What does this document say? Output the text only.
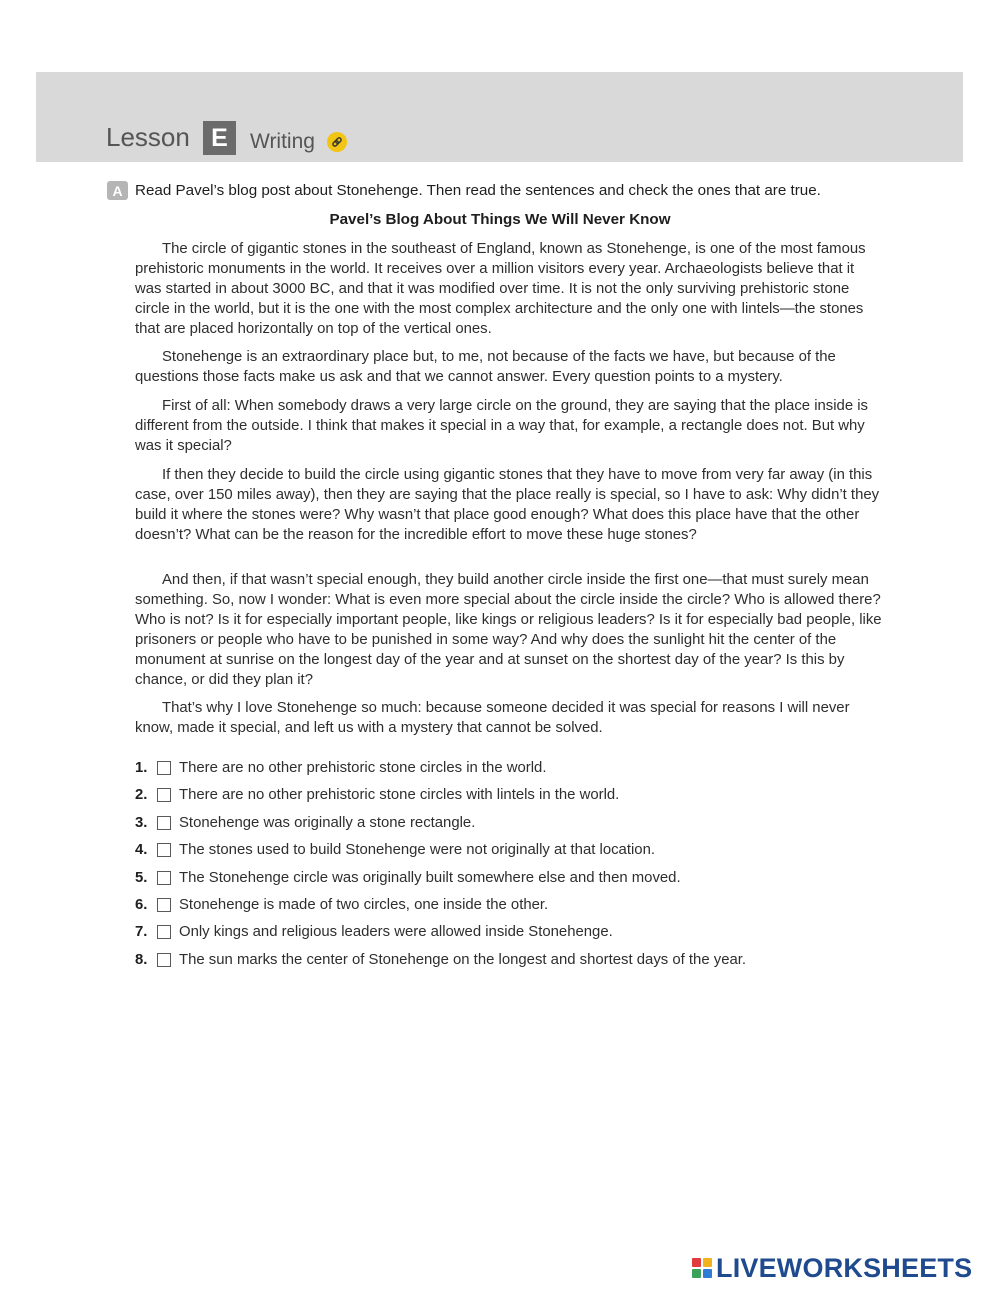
Lesson E	Writing
A Read Pavel’s blog post about Stonehenge. Then read the sentences and check the ones that are true.
Pavel’s Blog About Things We Will Never Know

The circle of gigantic stones in the southeast of England, known as Stonehenge, is one of the most famous prehistoric monuments in the world. It receives over a million visitors every year. Archaeologists believe that it was started in about 3000 BC, and that it was modified over time. It is not the only surviving prehistoric stone circle in the world, but it is the one with the most complex architecture and the only one with lintels—the stones that are placed horizontally on top of the vertical ones.

Stonehenge is an extraordinary place but, to me, not because of the facts we have, but because of the questions those facts make us ask and that we cannot answer. Every question points to a mystery.

First of all: When somebody draws a very large circle on the ground, they are saying that the place inside is different from the outside. I think that makes it special in a way that, for example, a rectangle does not. But why was it special?

If then they decide to build the circle using gigantic stones that they have to move from very far away (in this case, over 150 miles away), then they are saying that the place really is special, so I have to ask: Why didn’t they build it where the stones were? Why wasn’t that place good enough? What does this place have that the other doesn’t? What can be the reason for the incredible effort to move these huge stones?

And then, if that wasn’t special enough, they build another circle inside the first one—that must surely mean something. So, now I wonder: What is even more special about the circle inside the circle? Who is allowed there? Who is not? Is it for especially important people, like kings or religious leaders? Is it for especially bad people, like prisoners or people who have to be punished in some way? And why does the sunlight hit the center of the monument at sunrise on the longest day of the year and at sunset on the shortest day of the year? Is this by chance, or did they plan it?

That’s why I love Stonehenge so much: because someone decided it was special for reasons I will never know, made it special, and left us with a mystery that cannot be solved.

1.	There are no other prehistoric stone circles in the world.
2.	There are no other prehistoric stone circles with lintels in the world.
3.	Stonehenge was originally a stone rectangle.
4.	The stones used to build Stonehenge were not originally at that location.
5.	The Stonehenge circle was originally built somewhere else and then moved.
6.	Stonehenge is made of two circles, one inside the other.
7.	Only kings and religious leaders were allowed inside Stonehenge.
8.	The sun marks the center of Stonehenge on the longest and shortest days of the year.
LIVEWORKSHEETS
